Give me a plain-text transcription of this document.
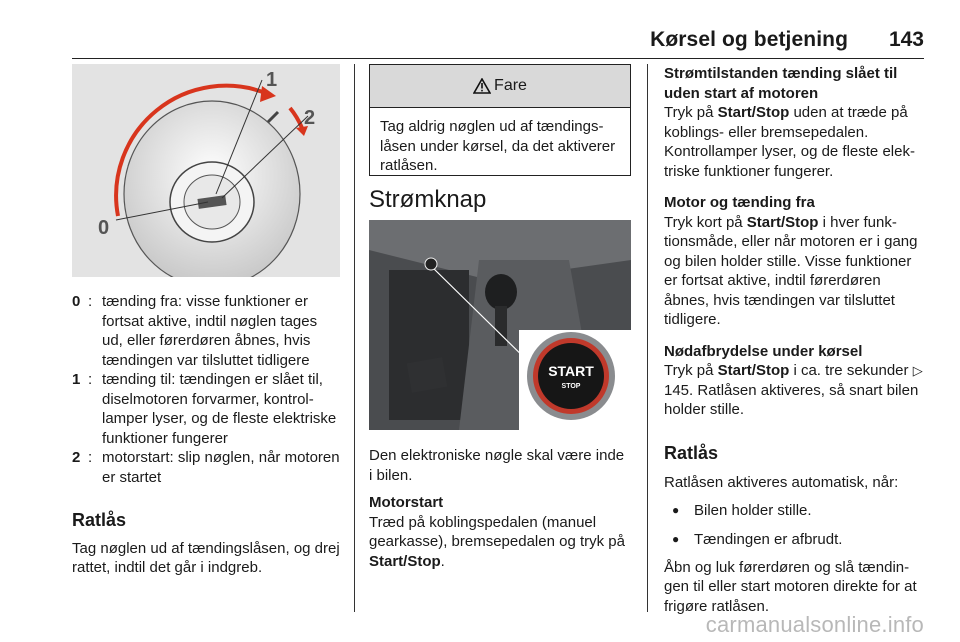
Kørsel og betjening 143
1
2
0
0 : tænding fra: visse funktioner er fortsat aktive, indtil nøglen tages ud, eller førerdøren åbnes, hvis tændingen var tilsluttet tidligere
1 : tænding til: tændingen er slået til, diselmotoren forvarmer, kontrollamper lyser, og de fleste elektriske funktioner fungerer
2 : motorstart: slip nøglen, når motoren er startet
Ratlås

Tag nøglen ud af tændingslåsen, og drej rattet, indtil det går i indgreb.

Fare
Tag aldrig nøglen ud af tændingslåsen under kørsel, da det aktiverer ratlåsen.
Strømknap
START
STOP

Den elektroniske nøgle skal være inde i bilen.

Motorstart

Træd på koblingspedalen (manuel gearkasse), bremsepedalen og tryk på Start/Stop.

Strømtilstanden tænding slået til uden start af motoren

Tryk på Start/Stop uden at træde på koblings- eller bremsepedalen. Kontrollamper lyser, og de fleste elektriske funktioner fungerer.

Motor og tænding fra

Tryk kort på Start/Stop i hver funktionsmåde, eller når motoren er i gang og bilen holder stille. Visse funktioner er fortsat aktive, indtil førerdøren åbnes, hvis tændingen var tilsluttet tidligere.

Nødafbrydelse under kørsel

Tryk på Start/Stop i ca. tre sekunder ▷ 145. Ratlåsen aktiveres, så snart bilen holder stille.

Ratlås

Ratlåsen aktiveres automatisk, når:

● Bilen holder stille.
● Tændingen er afbrudt.

Åbn og luk førerdøren og slå tændingen til eller start motoren direkte for at frigøre ratlåsen.

carmanualsonline.info
